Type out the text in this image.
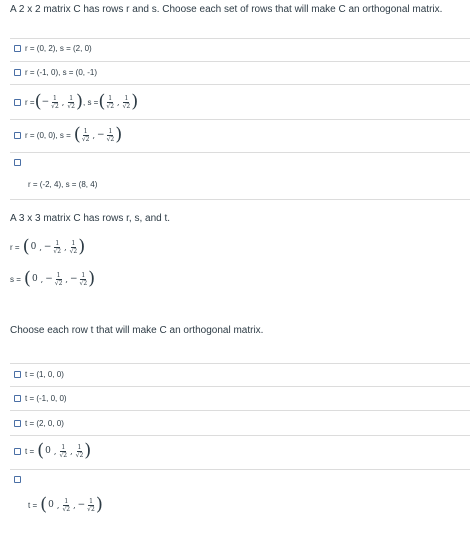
A 2 x 2 matrix C has rows r and s. Choose each set of rows that will make C an orthogonal matrix.
r = (0, 2), s = (2, 0)
r = (-1, 0), s = (0, -1)
r = ( − $\frac{1}{√2}$ , $\frac{1}{√2}$ ) , s = ( $\frac{1}{√2}$ , $\frac{1}{√2}$ )
r = (0, 0), s = ( $\frac{1}{√2}$ , − $\frac{1}{√2}$ )
r = (-2, 4), s = (8, 4)
A 3 x 3 matrix C has rows r, s, and t.
r = ( 0 , − $\frac{1}{√2}$ , $\frac{1}{√2}$ )
s = ( 0 , − $\frac{1}{√2}$ , − $\frac{1}{√2}$ )
Choose each row t that will make C an orthogonal matrix.
t = (1, 0, 0)
t = (-1, 0, 0)
t = (2, 0, 0)
t = ( 0 , $\frac{1}{√2}$ , $\frac{1}{√2}$ )
t = ( 0 , $\frac{1}{√2}$ , − $\frac{1}{√2}$ )
